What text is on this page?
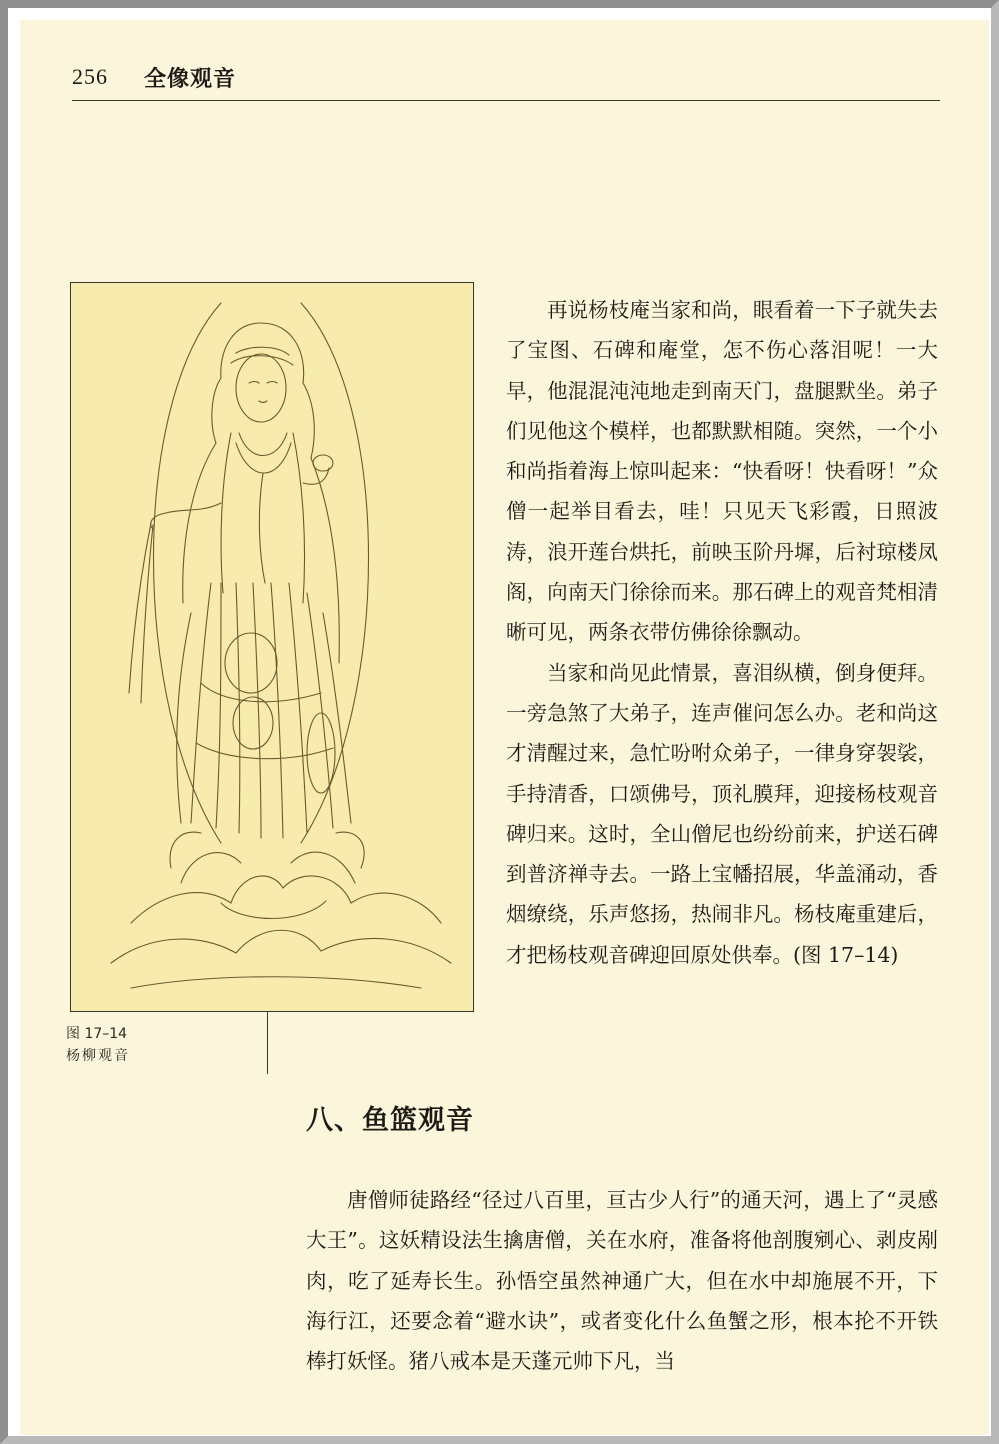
256 全像观音
图 17–14
杨柳观音

再说杨枝庵当家和尚，眼看着一下子就失去了宝图、石碑和庵堂，怎不伤心落泪呢！一大早，他混混沌沌地走到南天门，盘腿默坐。弟子们见他这个模样，也都默默相随。突然，一个小和尚指着海上惊叫起来：“快看呀！快看呀！”众僧一起举目看去，哇！只见天飞彩霞，日照波涛，浪开莲台烘托，前映玉阶丹墀，后衬琼楼凤阁，向南天门徐徐而来。那石碑上的观音梵相清晰可见，两条衣带仿佛徐徐飘动。

当家和尚见此情景，喜泪纵横，倒身便拜。一旁急煞了大弟子，连声催问怎么办。老和尚这才清醒过来，急忙吩咐众弟子，一律身穿袈裟，手持清香，口颂佛号，顶礼膜拜，迎接杨枝观音碑归来。这时，全山僧尼也纷纷前来，护送石碑到普济禅寺去。一路上宝幡招展，华盖涌动，香烟缭绕，乐声悠扬，热闹非凡。杨枝庵重建后，才把杨枝观音碑迎回原处供奉。(图 17–14)

八、鱼篮观音

唐僧师徒路经“径过八百里，亘古少人行”的通天河，遇上了“灵感大王”。这妖精设法生擒唐僧，关在水府，准备将他剖腹剜心、剥皮剐肉，吃了延寿长生。孙悟空虽然神通广大，但在水中却施展不开，下海行江，还要念着“避水诀”，或者变化什么鱼蟹之形，根本抡不开铁棒打妖怪。猪八戒本是天蓬元帅下凡，当
